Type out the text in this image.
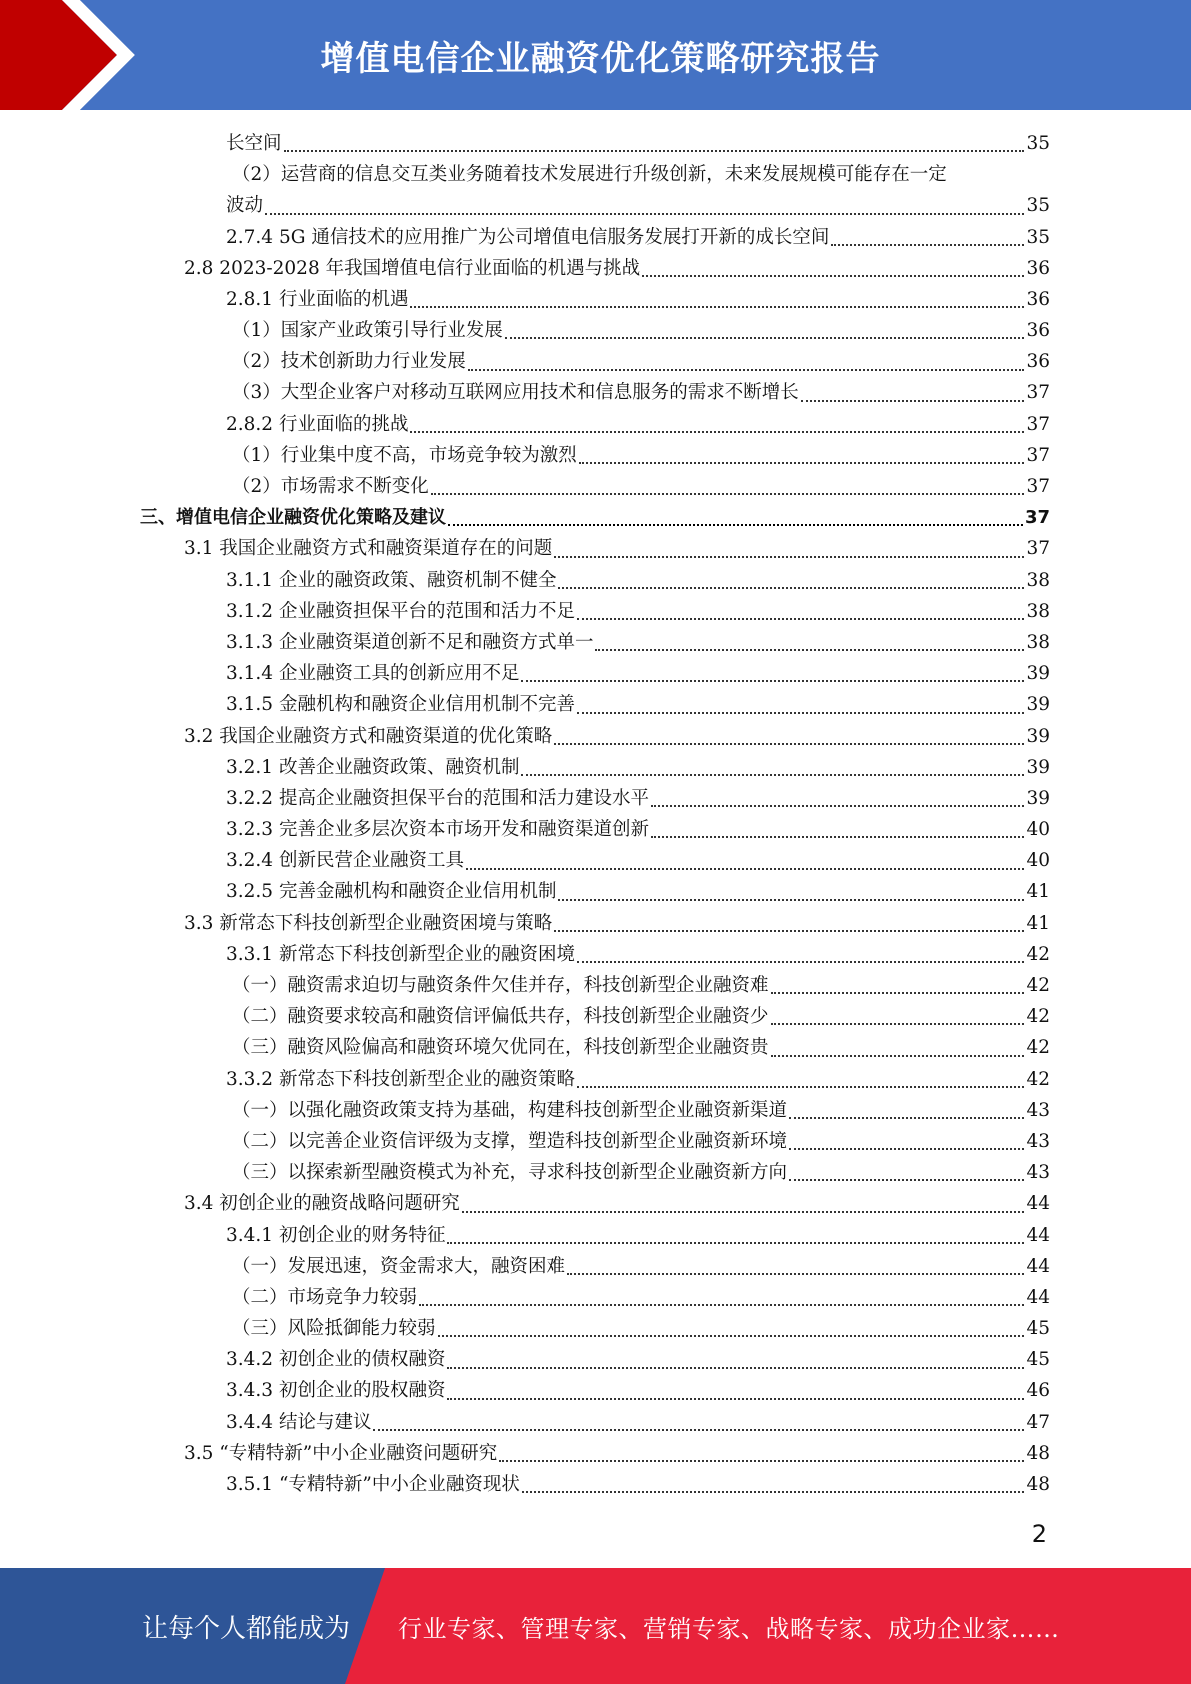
增值电信企业融资优化策略研究报告
长空间	35
（2）运营商的信息交互类业务随着技术发展进行升级创新，未来发展规模可能存在一定
波动	35
2.7.4 5G 通信技术的应用推广为公司增值电信服务发展打开新的成长空间	35
2.8 2023-2028 年我国增值电信行业面临的机遇与挑战	36
2.8.1 行业面临的机遇	36
（1）国家产业政策引导行业发展	36
（2）技术创新助力行业发展	36
（3）大型企业客户对移动互联网应用技术和信息服务的需求不断增长	37
2.8.2 行业面临的挑战	37
（1）行业集中度不高，市场竞争较为激烈	37
（2）市场需求不断变化	37
三、增值电信企业融资优化策略及建议	37
3.1 我国企业融资方式和融资渠道存在的问题	37
3.1.1 企业的融资政策、融资机制不健全	38
3.1.2 企业融资担保平台的范围和活力不足	38
3.1.3 企业融资渠道创新不足和融资方式单一	38
3.1.4 企业融资工具的创新应用不足	39
3.1.5 金融机构和融资企业信用机制不完善	39
3.2 我国企业融资方式和融资渠道的优化策略	39
3.2.1 改善企业融资政策、融资机制	39
3.2.2 提高企业融资担保平台的范围和活力建设水平	39
3.2.3 完善企业多层次资本市场开发和融资渠道创新	40
3.2.4 创新民营企业融资工具	40
3.2.5 完善金融机构和融资企业信用机制	41
3.3 新常态下科技创新型企业融资困境与策略	41
3.3.1 新常态下科技创新型企业的融资困境	42
（一）融资需求迫切与融资条件欠佳并存，科技创新型企业融资难	42
（二）融资要求较高和融资信评偏低共存，科技创新型企业融资少	42
（三）融资风险偏高和融资环境欠优同在，科技创新型企业融资贵	42
3.3.2 新常态下科技创新型企业的融资策略	42
（一）以强化融资政策支持为基础，构建科技创新型企业融资新渠道	43
（二）以完善企业资信评级为支撑，塑造科技创新型企业融资新环境	43
（三）以探索新型融资模式为补充，寻求科技创新型企业融资新方向	43
3.4 初创企业的融资战略问题研究	44
3.4.1 初创企业的财务特征	44
（一）发展迅速，资金需求大，融资困难	44
（二）市场竞争力较弱	44
（三）风险抵御能力较弱	45
3.4.2 初创企业的债权融资	45
3.4.3 初创企业的股权融资	46
3.4.4 结论与建议	47
3.5 “专精特新”中小企业融资问题研究	48
3.5.1 “专精特新”中小企业融资现状	48
2
让每个人都能成为 行业专家、管理专家、营销专家、战略专家、成功企业家……
